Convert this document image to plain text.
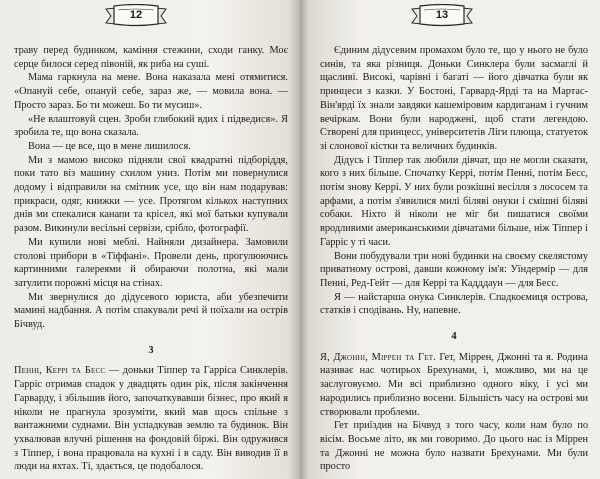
12

траву перед будинком, каміння стежини, сходи ганку. Моє серце билося серед півоній, як риба на суші.

Мама гаркнула на мене. Вона наказала мені отямитися. «Опануй себе, опануй себе, зараз же, — мовила вона. — Просто зараз. Бо ти можеш. Бо ти мусиш».

«Не влаштовуй сцен. Зроби глибокий вдих і підведися». Я зробила те, що вона сказала.

Вона — це все, що в мене лишилося.

Ми з мамою високо підняли свої квадратні підборіддя, поки тато віз машину схилом униз. Потім ми повернулися додому і відправили на смітник усе, що він нам подарував: прикраси, одяг, книжки — усе. Протягом кількох наступних днів ми спекалися канапи та крісел, які мої батьки купували разом. Викинули весільні сервізи, срібло, фотографії.

Ми купили нові меблі. Найняли дизайнера. Замовили столові прибори в «Тіффані». Провели день, прогулюючись картинними галереями й обираючи полотна, які мали затулити порожні місця на стінах.

Ми звернулися до дідусевого юриста, аби убезпечити мамині надбання. А потім спакували речі й поїхали на острів Бічвуд.

3

Пенні, Керрі та Бесс — доньки Тіппер та Гарріса Синклерів. Гарріс отримав спадок у двадцять один рік, після закінчення Гарварду, і збільшив його, започаткувавши бізнес, про який я ніколи не прагнула зрозуміти, який мав щось спільне з вантажними суднами. Він успадкував землю та будинок. Він ухвалював влучні рішення на фондовій біржі. Він одружився з Тіппер, і вона працювала на кухні і в саду. Він виводив її в люди на яхтах. Ті, здається, це подобалося.

13

Єдиним дідусевим промахом було те, що у нього не було синів, та яка різниця. Доньки Синклера були засмаглі й щасливі. Високі, чарівні і багаті — його дівчатка були як принцеси з казки. У Бостоні, Гарвард-Ярді та на Мартас-Він'ярді їх знали завдяки кашеміровим кардиганам і гучним вечіркам. Вони були народжені, щоб стати легендою. Створені для принцесс, університетів Ліги плюща, статуеток зі слонової кістки та величних будинків.

Дідусь і Тіппер так любили дівчат, що не могли сказати, кого з них більше. Спочатку Керрі, потім Пенні, потім Бесс, потім знову Керрі. У них були розкішні весілля з лососем та арфами, а потім з'явилися милі біляві онуки і смішні біляві собаки. Ніхто й ніколи не міг би пишатися своїми вродливими американськими дівчатами більше, ніж Тіппер і Гарріс у ті часи.

Вони побудували три нові будинки на своєму скелястому приватному острові, давши кожному ім'я: Уїндермір — для Пенні, Ред-Гейт — для Керрі та Кадддаун — для Бесс.

Я — найстарша онука Синклерів. Спадкоємиця острова, статків і сподівань. Ну, напевне.

4

Я, Джонні, Міррен та Гет. Гет, Міррен, Джонні та я. Родина називає нас чотирьох Брехунами, і, можливо, ми на це заслуговуємо. Ми всі приблизно одного віку, і усі ми народились приблизно восени. Більшість часу на острові ми створювали проблеми.

Гет приїздив на Бічвуд з того часу, коли нам було по вісім. Восьме літо, як ми говоримо. До цього нас із Міррен та Джонні не можна було назвати Брехунами. Ми були просто
